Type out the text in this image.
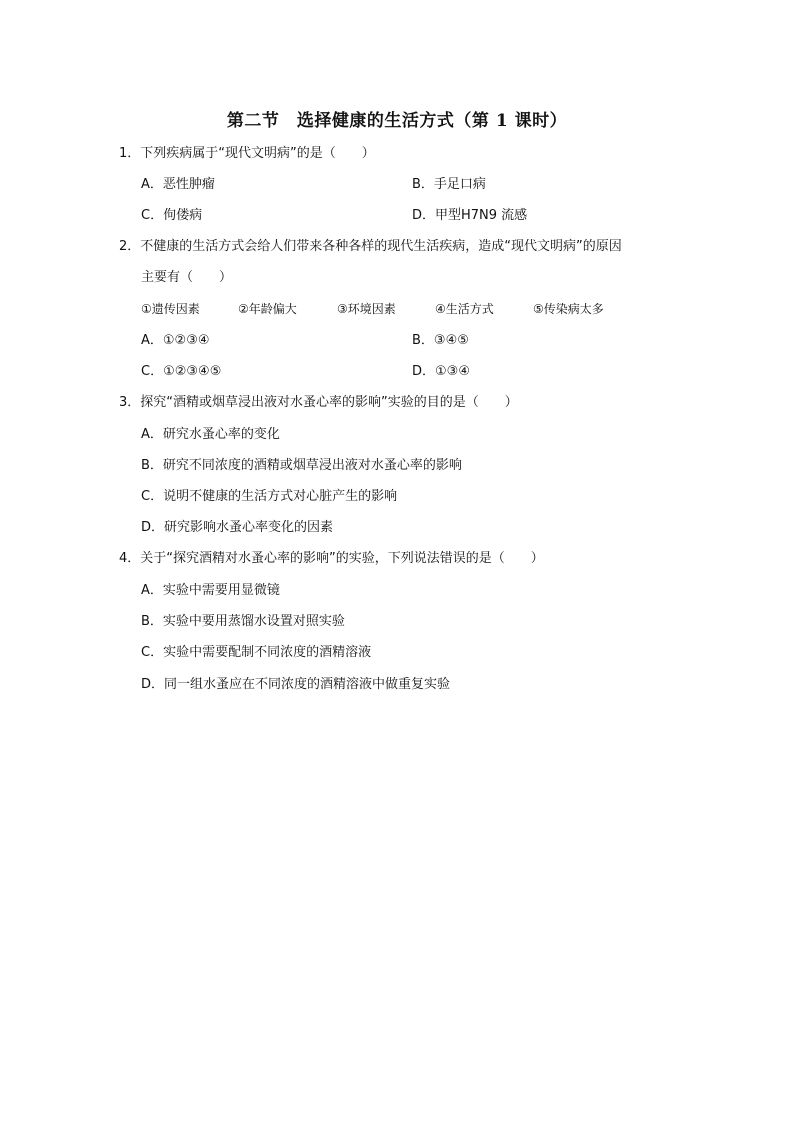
第二节　选择健康的生活方式（第 1 课时）
1．下列疾病属于“现代文明病”的是（　　）
A．恶性肿瘤	B．手足口病
C．佝偻病	D．甲型H7N9 流感
2．不健康的生活方式会给人们带来各种各样的现代生活疾病，造成“现代文明病”的原因
主要有（　　）
①遗传因素	②年龄偏大	③环境因素	④生活方式	⑤传染病太多
A．①②③④	B．③④⑤
C．①②③④⑤	D．①③④
3．探究“酒精或烟草浸出液对水蚤心率的影响”实验的目的是（　　）
A．研究水蚤心率的变化
B．研究不同浓度的酒精或烟草浸出液对水蚤心率的影响
C．说明不健康的生活方式对心脏产生的影响
D．研究影响水蚤心率变化的因素
4．关于“探究酒精对水蚤心率的影响”的实验，下列说法错误的是（　　）
A．实验中需要用显微镜
B．实验中要用蒸馏水设置对照实验
C．实验中需要配制不同浓度的酒精溶液
D．同一组水蚤应在不同浓度的酒精溶液中做重复实验
